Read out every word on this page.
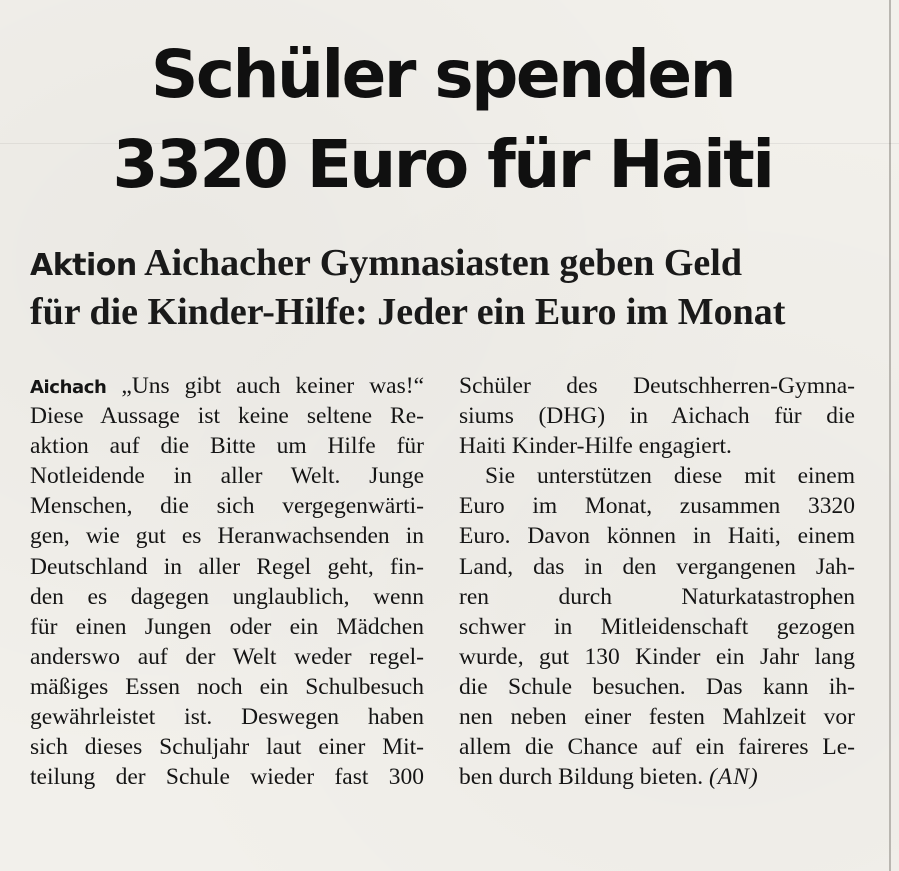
Schüler spenden
3320 Euro für Haiti
Aktion Aichacher Gymnasiasten geben Geld
für die Kinder-Hilfe: Jeder ein Euro im Monat
Aichach „Uns gibt auch keiner was!“
Diese Aussage ist keine seltene Re-
aktion auf die Bitte um Hilfe für
Notleidende in aller Welt. Junge
Menschen, die sich vergegenwärti-
gen, wie gut es Heranwachsenden in
Deutschland in aller Regel geht, fin-
den es dagegen unglaublich, wenn
für einen Jungen oder ein Mädchen
anderswo auf der Welt weder regel-
mäßiges Essen noch ein Schulbesuch
gewährleistet ist. Deswegen haben
sich dieses Schuljahr laut einer Mit-
teilung der Schule wieder fast 300
Schüler des Deutschherren-Gymna-
siums (DHG) in Aichach für die
Haiti Kinder-Hilfe engagiert.
Sie unterstützen diese mit einem
Euro im Monat, zusammen 3320
Euro. Davon können in Haiti, einem
Land, das in den vergangenen Jah-
ren durch Naturkatastrophen
schwer in Mitleidenschaft gezogen
wurde, gut 130 Kinder ein Jahr lang
die Schule besuchen. Das kann ih-
nen neben einer festen Mahlzeit vor
allem die Chance auf ein faireres Le-
ben durch Bildung bieten. (AN)
